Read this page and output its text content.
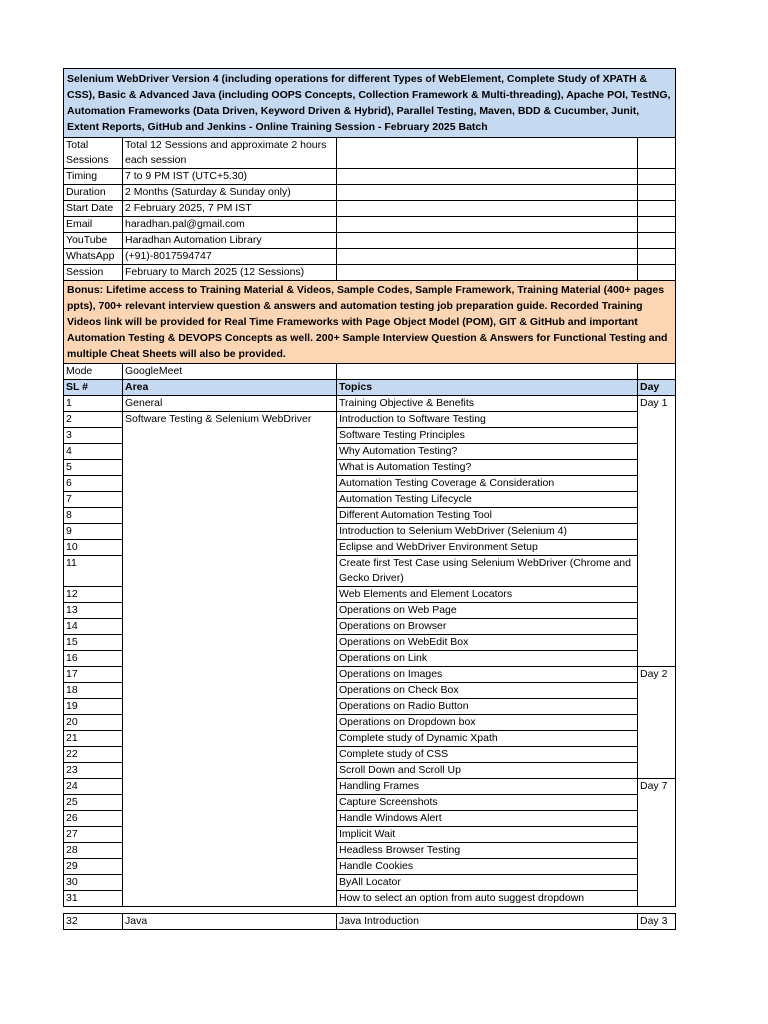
Selenium WebDriver Version 4 (including operations for different Types of WebElement, Complete Study of XPATH & CSS), Basic & Advanced Java (including OOPS Concepts, Collection Framework & Multi-threading), Apache POI, TestNG, Automation Frameworks (Data Driven, Keyword Driven & Hybrid), Parallel Testing, Maven, BDD & Cucumber, Junit, Extent Reports, GitHub and Jenkins - Online Training Session - February 2025 Batch			
Total Sessions	Total 12 Sessions and approximate 2 hours each session		
Timing	7 to 9 PM IST (UTC+5.30)		
Duration	2 Months (Saturday & Sunday only)		
Start Date	2 February 2025, 7 PM IST		
Email	haradhan.pal@gmail.com		
YouTube	Haradhan Automation Library		
WhatsApp	(+91)-8017594747		
Session	February to March 2025 (12 Sessions)		
Bonus: Lifetime access to Training Material & Videos, Sample Codes, Sample Framework, Training Material (400+ pages ppts), 700+ relevant interview question & answers and automation testing job preparation guide. Recorded Training Videos link will be provided for Real Time Frameworks with Page Object Model (POM), GIT & GitHub and important Automation Testing & DEVOPS Concepts as well. 200+ Sample Interview Question & Answers for Functional Testing and multiple Cheat Sheets will also be provided.			
Mode	GoogleMeet		
SL #	Area	Topics	Day
1	General	Training Objective & Benefits	Day 1
2	Software Testing & Selenium WebDriver	Introduction to Software Testing	
3		Software Testing Principles	
4		Why Automation Testing?	
5		What is Automation Testing?	
6		Automation Testing Coverage & Consideration	
7		Automation Testing Lifecycle	
8		Different Automation Testing Tool	
9		Introduction to Selenium WebDriver (Selenium 4)	
10		Eclipse and WebDriver Environment Setup	
11		Create first Test Case using Selenium WebDriver (Chrome and Gecko Driver)	
12		Web Elements and Element Locators	
13		Operations on Web Page	
14		Operations on Browser	
15		Operations on WebEdit Box	
16		Operations on Link	
17		Operations on Images	Day 2
18		Operations on Check Box	
19		Operations on Radio Button	
20		Operations on Dropdown box	
21		Complete study of Dynamic Xpath	
22		Complete study of CSS	
23		Scroll Down and Scroll Up	
24		Handling Frames	Day 7
25		Capture Screenshots	
26		Handle Windows Alert	
27		Implicit Wait	
28		Headless Browser Testing	
29		Handle Cookies	
30		ByAll Locator	
31		How to select an option from auto suggest dropdown	

32	Java	Java Introduction	Day 3
